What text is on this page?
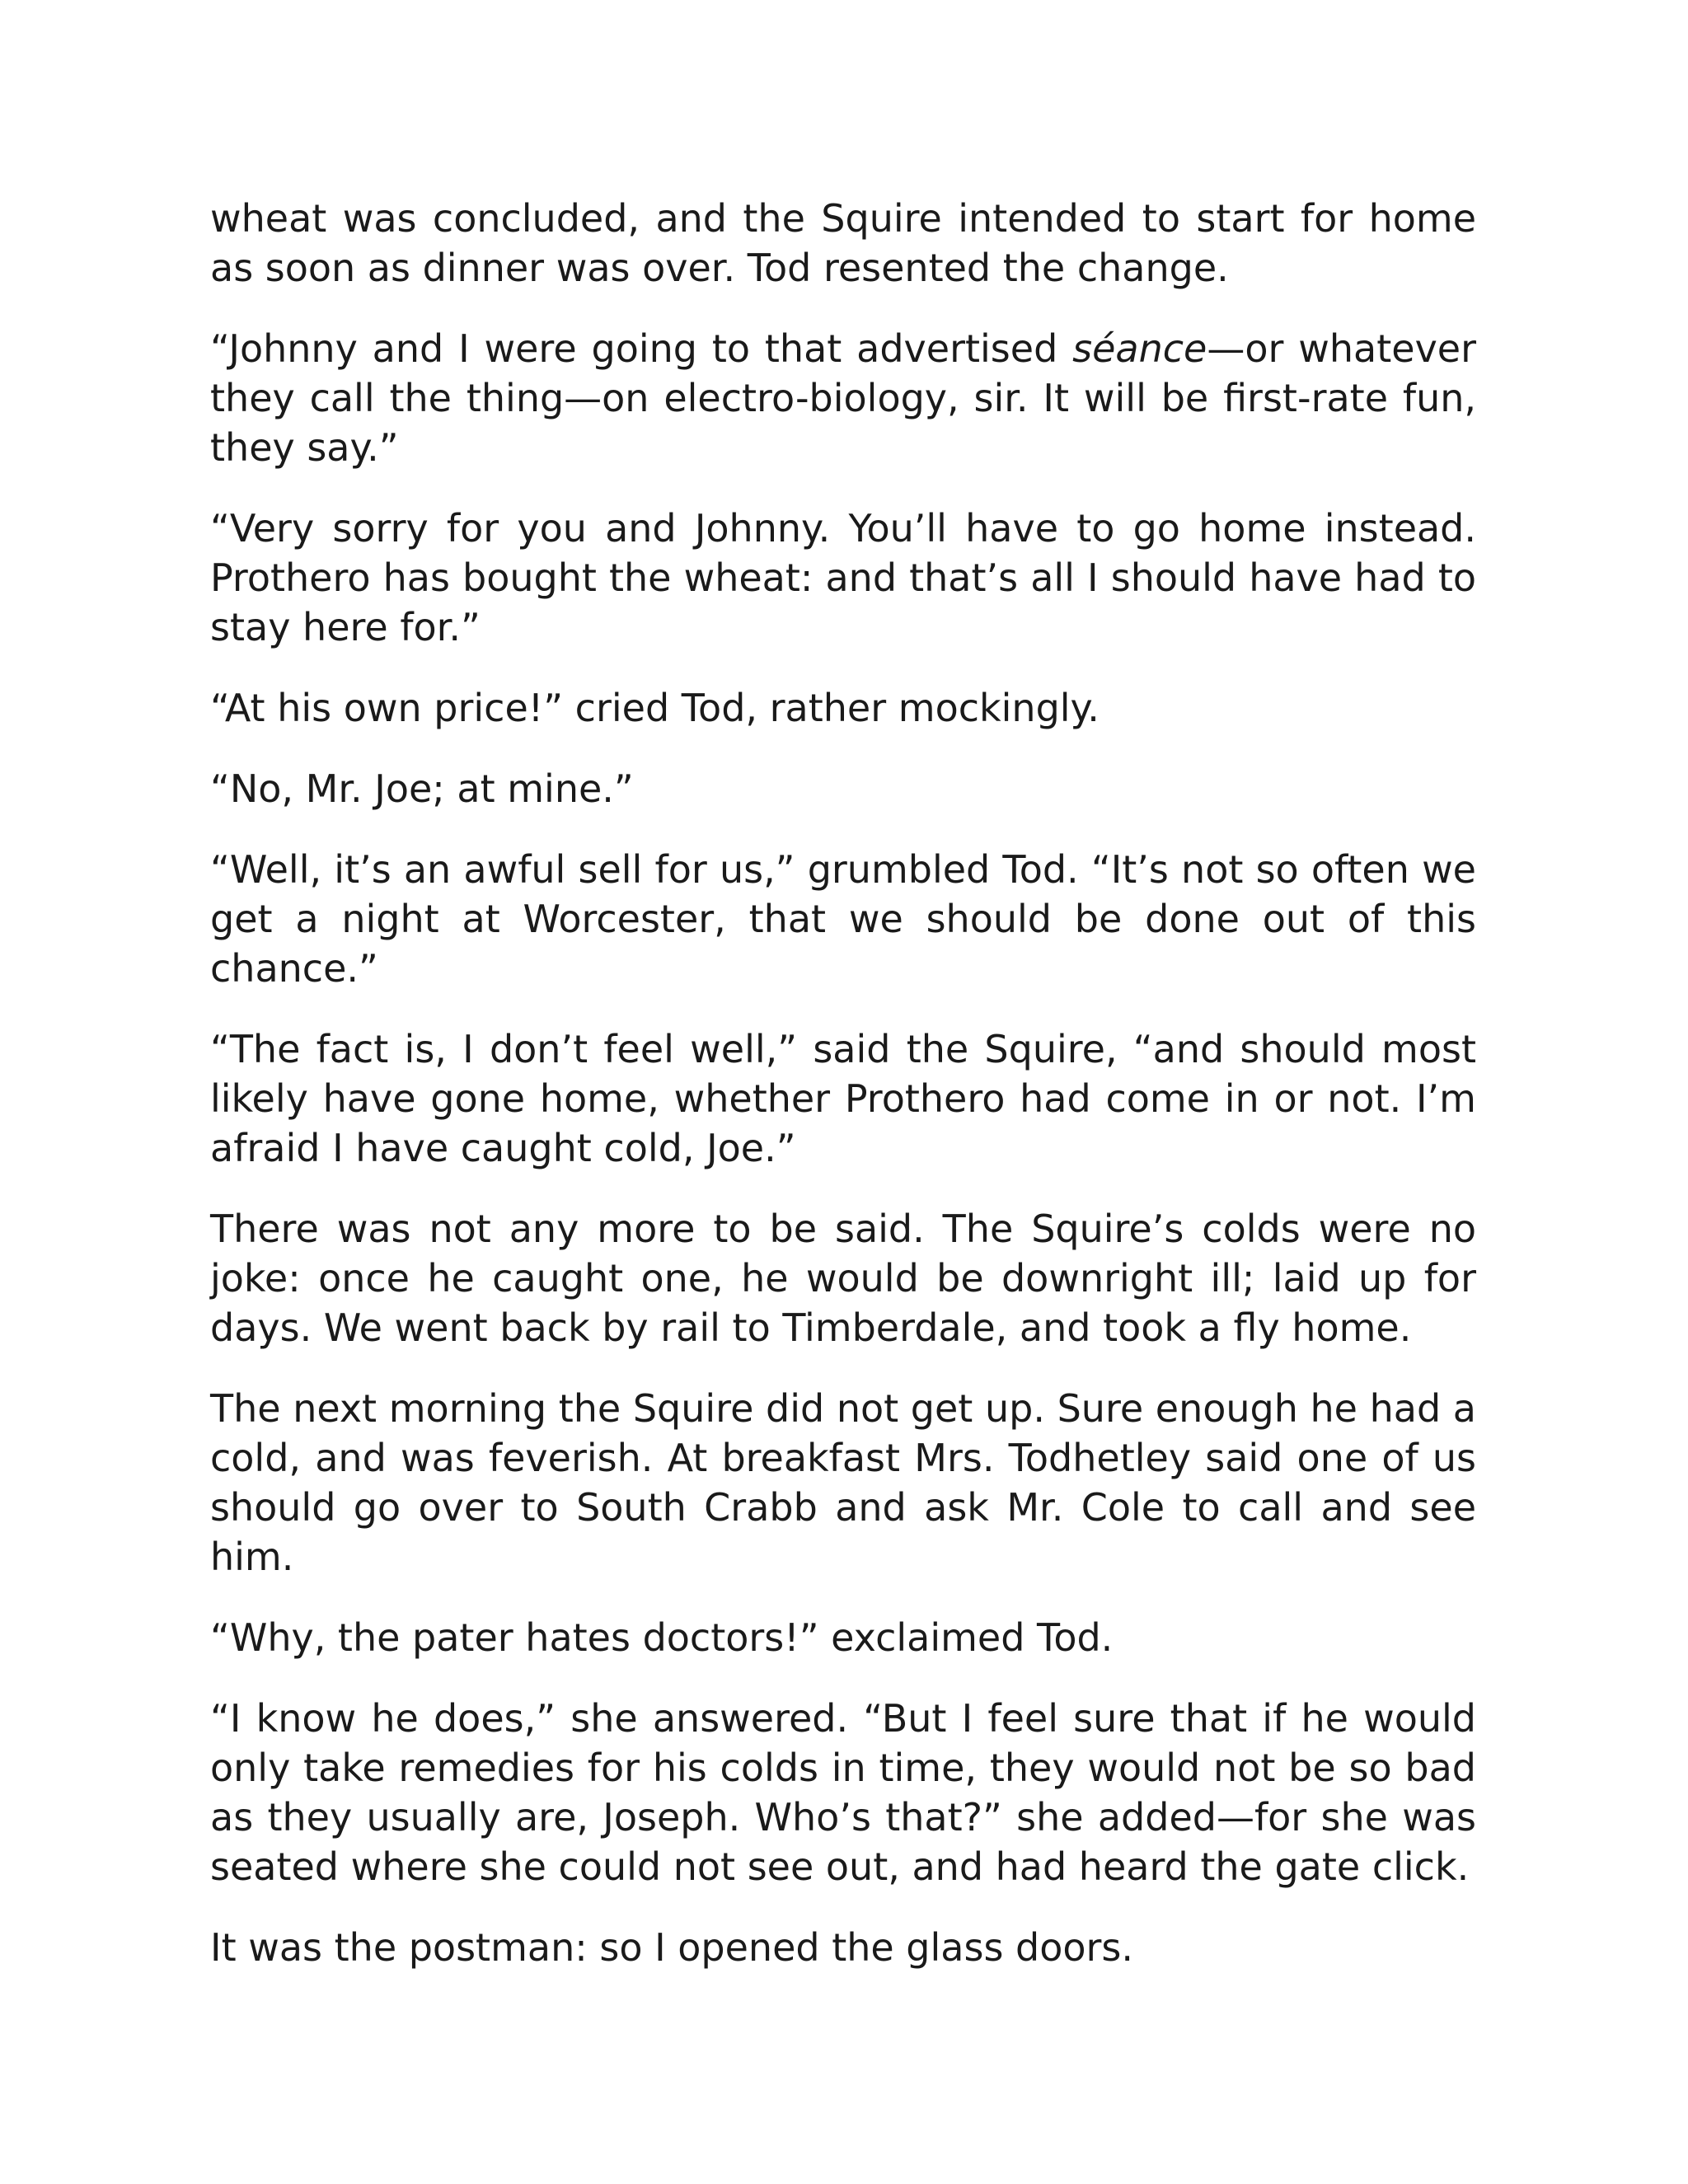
wheat was concluded, and the Squire intended to start for home as soon as dinner was over. Tod resented the change.

“Johnny and I were going to that advertised séance—or whatever they call the thing—on electro-biology, sir. It will be first-rate fun, they say.”

“Very sorry for you and Johnny. You’ll have to go home instead. Prothero has bought the wheat: and that’s all I should have had to stay here for.”

“At his own price!” cried Tod, rather mockingly.

“No, Mr. Joe; at mine.”

“Well, it’s an awful sell for us,” grumbled Tod. “It’s not so often we get a night at Worcester, that we should be done out of this chance.”

“The fact is, I don’t feel well,” said the Squire, “and should most likely have gone home, whether Prothero had come in or not. I’m afraid I have caught cold, Joe.”

There was not any more to be said. The Squire’s colds were no joke: once he caught one, he would be downright ill; laid up for days. We went back by rail to Timberdale, and took a fly home.

The next morning the Squire did not get up. Sure enough he had a cold, and was feverish. At breakfast Mrs. Todhetley said one of us should go over to South Crabb and ask Mr. Cole to call and see him.

“Why, the pater hates doctors!” exclaimed Tod.

“I know he does,” she answered. “But I feel sure that if he would only take remedies for his colds in time, they would not be so bad as they usually are, Joseph. Who’s that?” she added—for she was seated where she could not see out, and had heard the gate click.

It was the postman: so I opened the glass doors.
